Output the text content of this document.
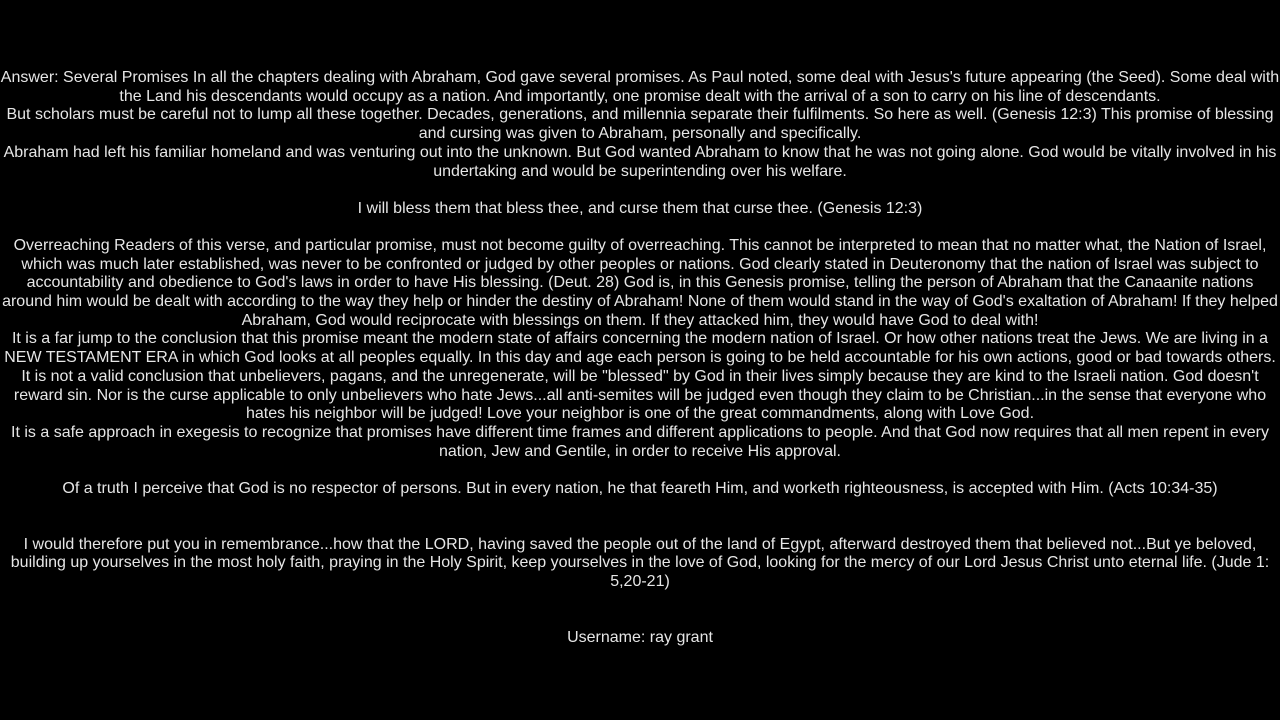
Answer: Several Promises In all the chapters dealing with Abraham, God gave several promises. As Paul noted, some deal with Jesus's future appearing (the Seed). Some deal with the Land his descendants would occupy as a nation. And importantly, one promise dealt with the arrival of a son to carry on his line of descendants.
But scholars must be careful not to lump all these together. Decades, generations, and millennia separate their fulfilments. So here as well. (Genesis 12:3) This promise of blessing and cursing was given to Abraham, personally and specifically.
Abraham had left his familiar homeland and was venturing out into the unknown. But God wanted Abraham to know that he was not going alone. God would be vitally involved in his undertaking and would be superintending over his welfare.
I will bless them that bless thee, and curse them that curse thee. (Genesis 12:3)
Overreaching Readers of this verse, and particular promise, must not become guilty of overreaching. This cannot be interpreted to mean that no matter what, the Nation of Israel, which was much later established, was never to be confronted or judged by other peoples or nations. God clearly stated in Deuteronomy that the nation of Israel was subject to accountability and obedience to God's laws in order to have His blessing. (Deut. 28) God is, in this Genesis promise, telling the person of Abraham that the Canaanite nations around him would be dealt with according to the way they help or hinder the destiny of Abraham! None of them would stand in the way of God's exaltation of Abraham! If they helped Abraham, God would reciprocate with blessings on them. If they attacked him, they would have God to deal with!
It is a far jump to the conclusion that this promise meant the modern state of affairs concerning the modern nation of Israel. Or how other nations treat the Jews. We are living in a NEW TESTAMENT ERA in which God looks at all peoples equally. In this day and age each person is going to be held accountable for his own actions, good or bad towards others. It is not a valid conclusion that unbelievers, pagans, and the unregenerate, will be "blessed" by God in their lives simply because they are kind to the Israeli nation. God doesn't reward sin. Nor is the curse applicable to only unbelievers who hate Jews...all anti-semites will be judged even though they claim to be Christian...in the sense that everyone who hates his neighbor will be judged! Love your neighbor is one of the great commandments, along with Love God.
It is a safe approach in exegesis to recognize that promises have different time frames and different applications to people. And that God now requires that all men repent in every nation, Jew and Gentile, in order to receive His approval.
Of a truth I perceive that God is no respector of persons. But in every nation, he that feareth Him, and worketh righteousness, is accepted with Him. (Acts 10:34-35)
I would therefore put you in remembrance...how that the LORD, having saved the people out of the land of Egypt, afterward destroyed them that believed not...But ye beloved, building up yourselves in the most holy faith, praying in the Holy Spirit, keep yourselves in the love of God, looking for the mercy of our Lord Jesus Christ unto eternal life. (Jude 1: 5,20-21)
Username: ray grant
